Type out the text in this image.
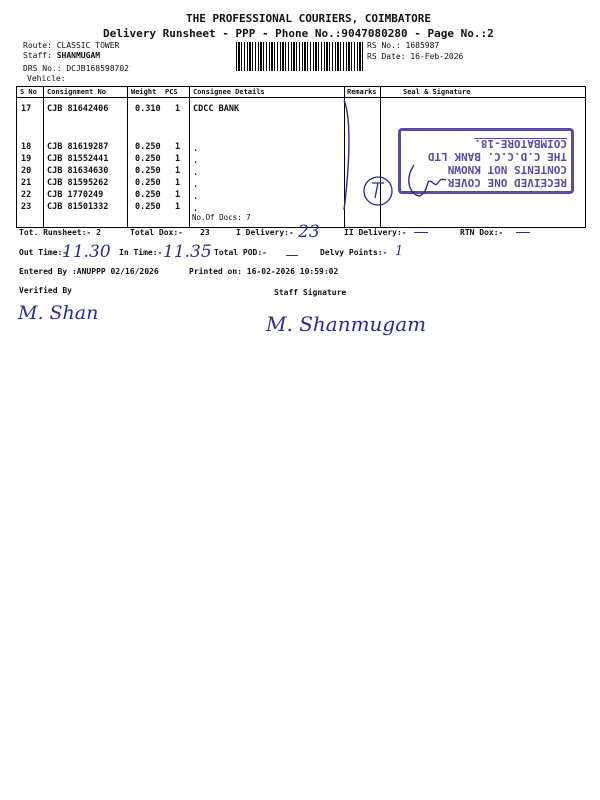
THE PROFESSIONAL COURIERS, COIMBATORE
Delivery Runsheet - PPP - Phone No.:9047080280 - Page No.:2
Route: CLASSIC TOWER
Staff: SHANMUGAM
DRS No.: DCJB168598702
Vehicle:
RS No.: 1685987
RS Date: 16-Feb-2026
S No Consignment No	Weight PCS Consignee Details	Remarks	Seal & Signature
17 CJB 81642406	0.310 1 CDCC BANK
18 CJB 81619287	0.250 1 .
19 CJB 81552441	0.250 1 .
20 CJB 81634630	0.250 1 .
21 CJB 81595262	0.250 1 .
22 CJB 1770249	0.250 1 .
23 CJB 81501332	0.250 1 .
No.Of Docs: 7
RECEIVED ONE COVER
CONTENTS NOT KNOWN
THE C.D.C.C. BANK LTD
COIMBATORE-18.
Tot. Runsheet:- 2	Total Dox:- 23	I Delivery:- 23	II Delivery:-	RTN Dox:-
Out Time:-
11.30 In Time:- 11.35 Total POD:-	Delvy Points:- 1
Entered By :ANUPPP 02/16/2026	Printed on: 16-02-2026 10:59:02
Verified By
M. Shan
Staff Signature
M. Shanmugam
